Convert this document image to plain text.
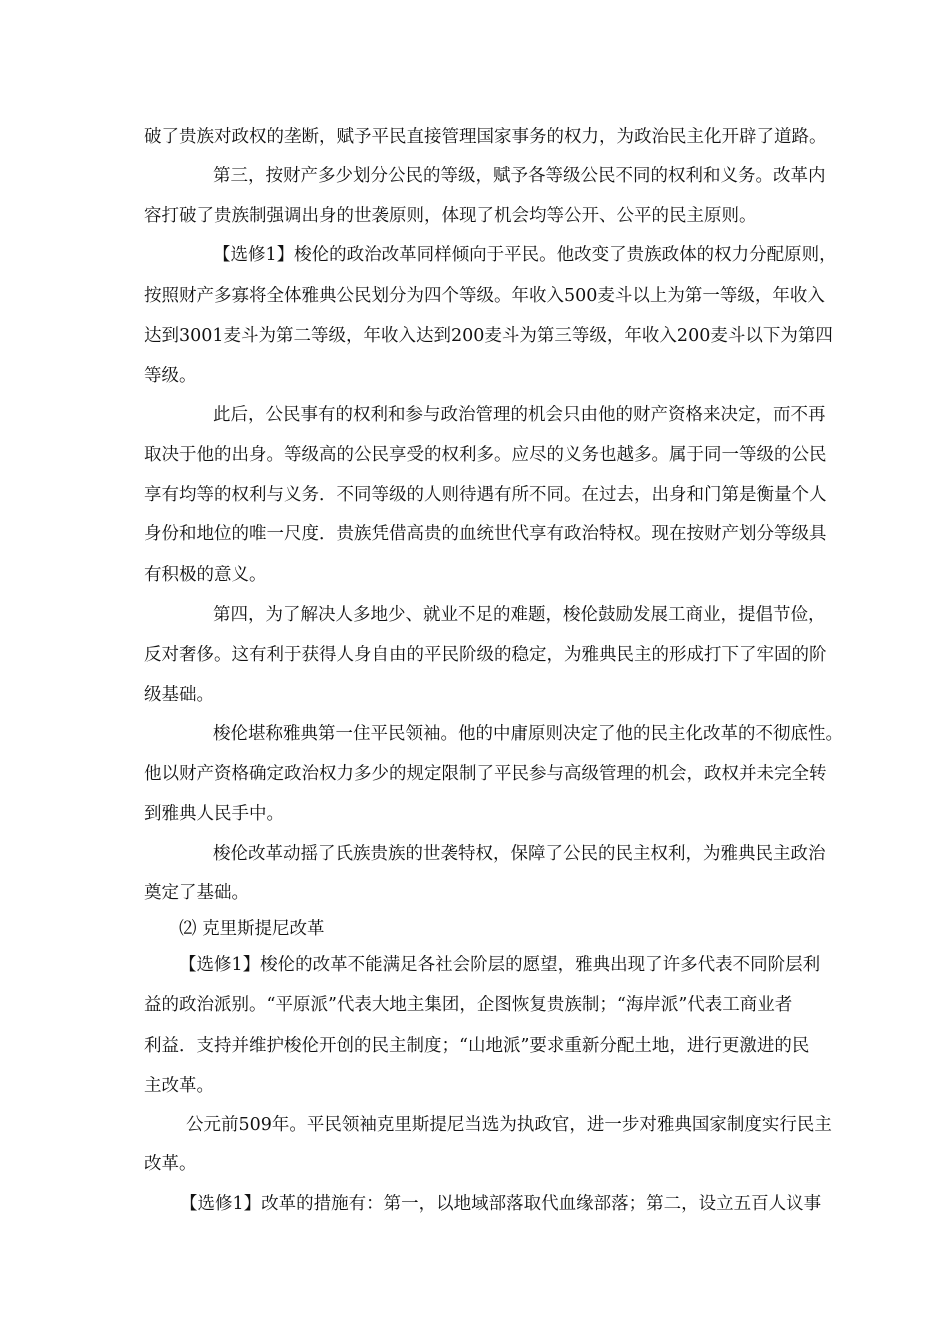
破了贵族对政权的垄断，赋予平民直接管理国家事务的权力，为政治民主化开辟了道路。
第三，按财产多少划分公民的等级，赋予各等级公民不同的权利和义务。改革内
容打破了贵族制强调出身的世袭原则，体现了机会均等公开、公平的民主原则。
【选修1】梭伦的政治改革同样倾向于平民。他改变了贵族政体的权力分配原则，
按照财产多寡将全体雅典公民划分为四个等级。年收入500麦斗以上为第一等级，年收入
达到3001麦斗为第二等级，年收入达到200麦斗为第三等级，年收入200麦斗以下为第四
等级。
此后，公民事有的权利和参与政治管理的机会只由他的财产资格来决定，而不再
取决于他的出身。等级高的公民享受的权利多。应尽的义务也越多。属于同一等级的公民
享有均等的权利与义务．不同等级的人则待遇有所不同。在过去，出身和门第是衡量个人
身份和地位的唯一尺度．贵族凭借高贵的血统世代享有政治特权。现在按财产划分等级具
有积极的意义。
第四，为了解决人多地少、就业不足的难题，梭伦鼓励发展工商业，提倡节俭，
反对奢侈。这有利于获得人身自由的平民阶级的稳定，为雅典民主的形成打下了牢固的阶
级基础。
梭伦堪称雅典第一住平民领袖。他的中庸原则决定了他的民主化改革的不彻底性。
他以财产资格确定政治权力多少的规定限制了平民参与高级管理的机会，政权并未完全转
到雅典人民手中。
梭伦改革动摇了氏族贵族的世袭特权，保障了公民的民主权利，为雅典民主政治
奠定了基础。
⑵ 克里斯提尼改革
【选修1】梭伦的改革不能满足各社会阶层的愿望，雅典出现了许多代表不同阶层利
益的政治派别。“平原派”代表大地主集团，企图恢复贵族制；“海岸派”代表工商业者
利益．支持并维护梭伦开创的民主制度；“山地派”要求重新分配土地，进行更激进的民
主改革。
公元前509年。平民领袖克里斯提尼当选为执政官，进一步对雅典国家制度实行民主
改革。
【选修1】改革的措施有：第一，以地域部落取代血缘部落；第二，设立五百人议事
